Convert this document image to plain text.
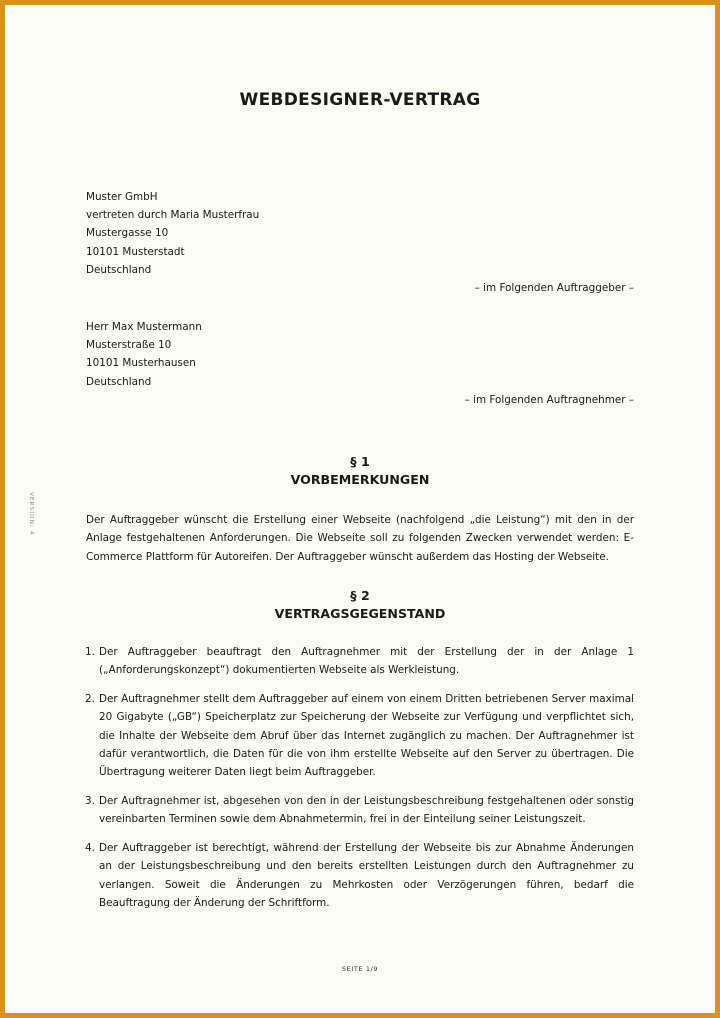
VERSION: 4
WEBDESIGNER-VERTRAG
Muster GmbH
vertreten durch Maria Musterfrau
Mustergasse 10
10101 Musterstadt
Deutschland
– im Folgenden Auftraggeber –
Herr Max Mustermann
Musterstraße 10
10101 Musterhausen
Deutschland
– im Folgenden Auftragnehmer –
§ 1
VORBEMERKUNGEN
Der Auftraggeber wünscht die Erstellung einer Webseite (nachfolgend „die Leistung“) mit den in der Anlage festgehaltenen Anforderungen. Die Webseite soll zu folgenden Zwecken verwendet werden: E-Commerce Plattform für Autoreifen. Der Auftraggeber wünscht außerdem das Hosting der Webseite.
§ 2
VERTRAGSGEGENSTAND
1. Der Auftraggeber beauftragt den Auftragnehmer mit der Erstellung der in der Anlage 1 („Anforderungskonzept“) dokumentierten Webseite als Werkleistung.
2. Der Auftragnehmer stellt dem Auftraggeber auf einem von einem Dritten betriebenen Server maximal 20 Gigabyte („GB“) Speicherplatz zur Speicherung der Webseite zur Verfügung und verpflichtet sich, die Inhalte der Webseite dem Abruf über das Internet zugänglich zu machen. Der Auftragnehmer ist dafür verantwortlich, die Daten für die von ihm erstellte Webseite auf den Server zu übertragen. Die Übertragung weiterer Daten liegt beim Auftraggeber.
3. Der Auftragnehmer ist, abgesehen von den in der Leistungsbeschreibung festgehaltenen oder sonstig vereinbarten Terminen sowie dem Abnahmetermin, frei in der Einteilung seiner Leistungszeit.
4. Der Auftraggeber ist berechtigt, während der Erstellung der Webseite bis zur Abnahme Änderungen an der Leistungsbeschreibung und den bereits erstellten Leistungen durch den Auftragnehmer zu verlangen. Soweit die Änderungen zu Mehrkosten oder Verzögerungen führen, bedarf die Beauftragung der Änderung der Schriftform.
SEITE 1/9
